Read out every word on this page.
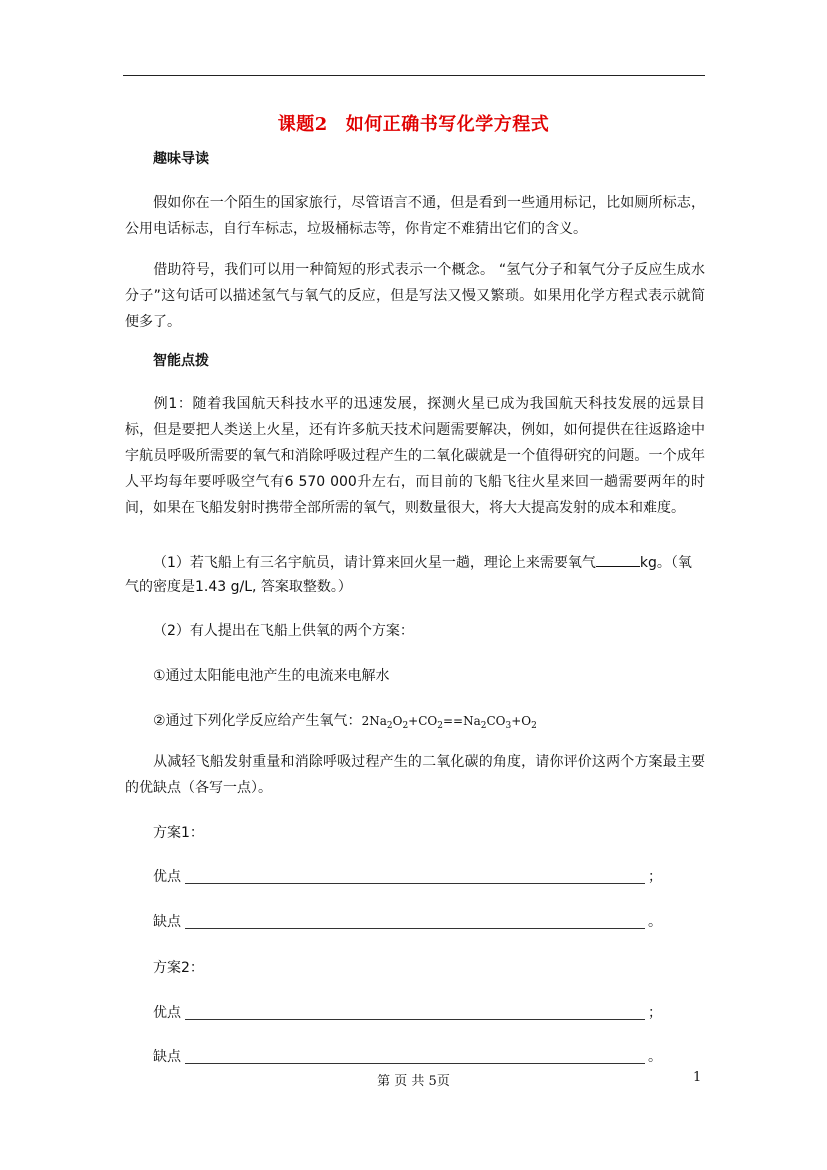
课题2 如何正确书写化学方程式
趣味导读
假如你在一个陌生的国家旅行，尽管语言不通，但是看到一些通用标记，比如厕所标志，公用电话标志，自行车标志，垃圾桶标志等，你肯定不难猜出它们的含义。
借助符号，我们可以用一种简短的形式表示一个概念。 “氢气分子和氧气分子反应生成水分子”这句话可以描述氢气与氧气的反应，但是写法又慢又繁琐。如果用化学方程式表示就简便多了。
智能点拨
例1：随着我国航天科技水平的迅速发展，探测火星已成为我国航天科技发展的远景目标，但是要把人类送上火星，还有许多航天技术问题需要解决，例如，如何提供在往返路途中宇航员呼吸所需要的氧气和消除呼吸过程产生的二氧化碳就是一个值得研究的问题。一个成年人平均每年要呼吸空气有6 570 000升左右，而目前的飞船飞往火星来回一趟需要两年的时间，如果在飞船发射时携带全部所需的氧气，则数量很大，将大大提高发射的成本和难度。
（1）若飞船上有三名宇航员，请计算来回火星一趟，理论上来需要氧气	kg。（氧
气的密度是1.43 g/L, 答案取整数。）
（2）有人提出在飞船上供氧的两个方案：
①通过太阳能电池产生的电流来电解水
②通过下列化学反应给产生氧气：$2Na_2O_2+CO_2==Na_2CO_3+O_2$
从减轻飞船发射重量和消除呼吸过程产生的二氧化碳的角度，请你评价这两个方案最主要的优缺点（各写一点）。
方案1：
优点	；
缺点	。
方案2：
优点	；
缺点	。
第 页 共 5页	1
